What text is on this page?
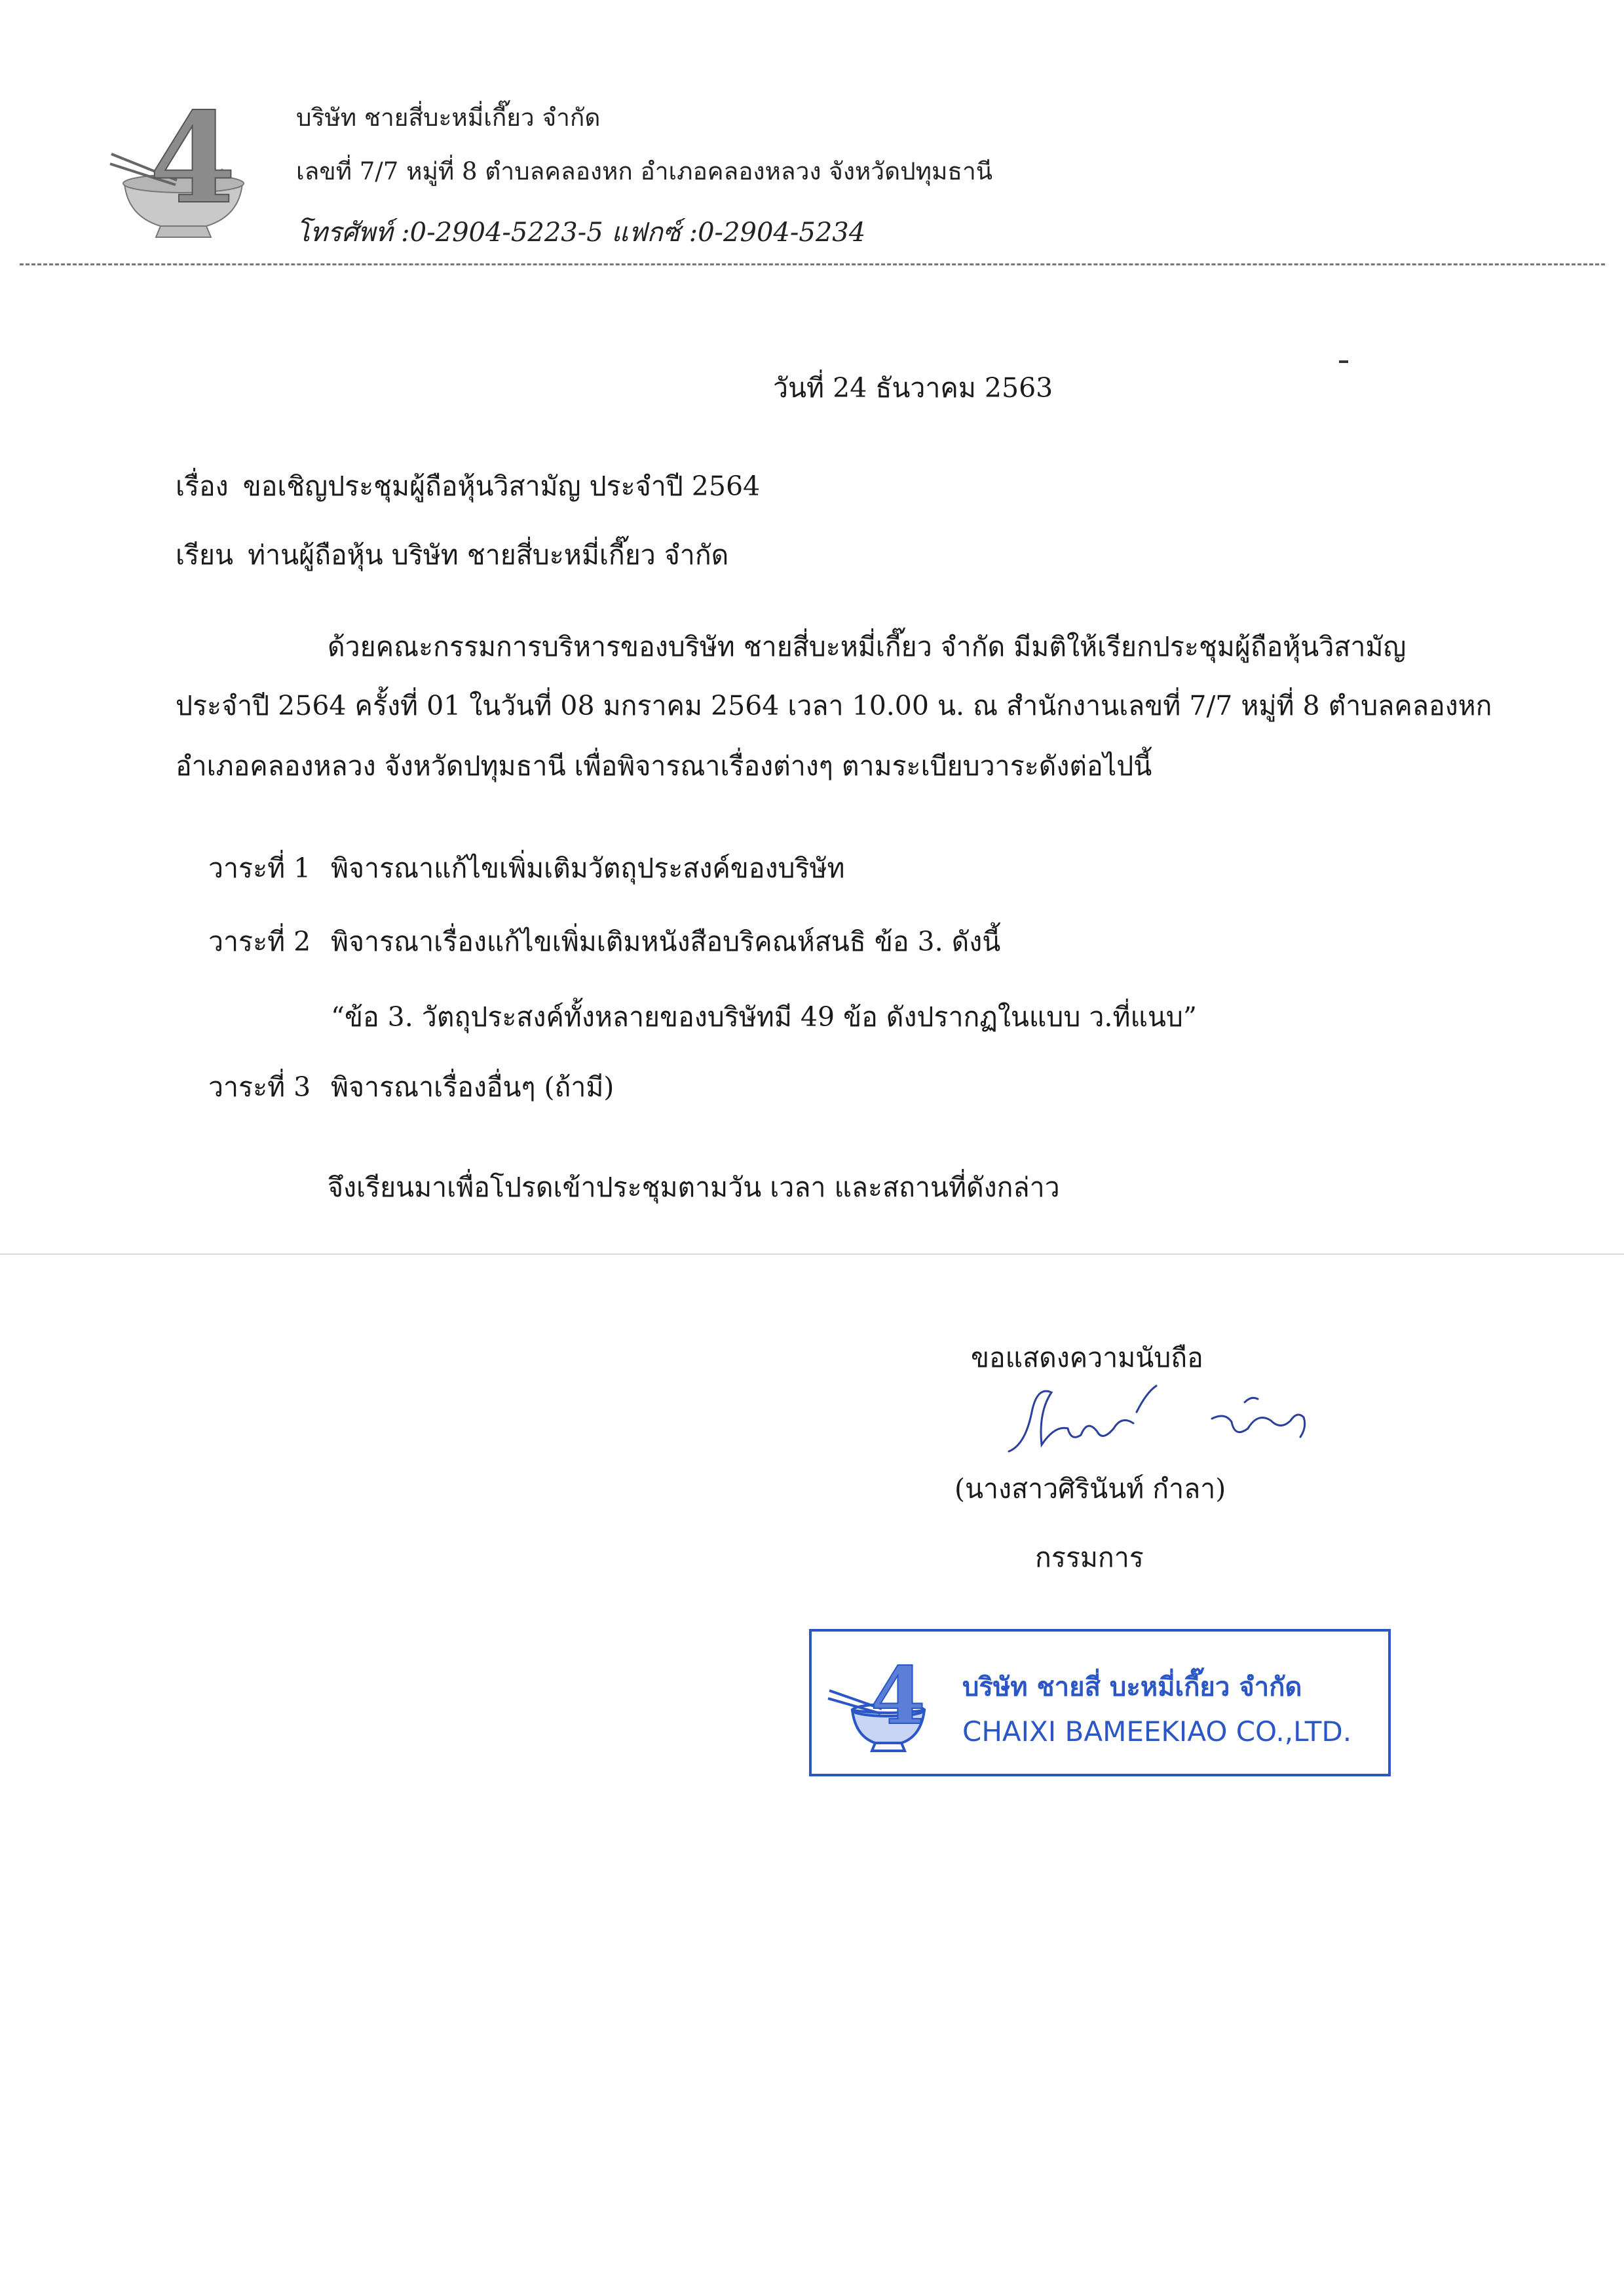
4 บริษัท ชายสี่บะหมี่เกี๊ยว จำกัด
เลขที่ 7/7 หมู่ที่ 8 ตำบลคลองหก อำเภอคลองหลวง จังหวัดปทุมธานี
โทรศัพท์ :0-2904-5223-5 แฟกซ์ :0-2904-5234
วันที่ 24 ธันวาคม 2563
เรื่อง ขอเชิญประชุมผู้ถือหุ้นวิสามัญ ประจำปี 2564
เรียน ท่านผู้ถือหุ้น บริษัท ชายสี่บะหมี่เกี๊ยว จำกัด
ด้วยคณะกรรมการบริหารของบริษัท ชายสี่บะหมี่เกี๊ยว จำกัด มีมติให้เรียกประชุมผู้ถือหุ้นวิสามัญ
ประจำปี 2564 ครั้งที่ 01 ในวันที่ 08 มกราคม 2564 เวลา 10.00 น. ณ สำนักงานเลขที่ 7/7 หมู่ที่ 8 ตำบลคลองหก
อำเภอคลองหลวง จังหวัดปทุมธานี เพื่อพิจารณาเรื่องต่างๆ ตามระเบียบวาระดังต่อไปนี้
วาระที่ 1 พิจารณาแก้ไขเพิ่มเติมวัตถุประสงค์ของบริษัท
วาระที่ 2 พิจารณาเรื่องแก้ไขเพิ่มเติมหนังสือบริคณห์สนธิ ข้อ 3. ดังนี้
“ข้อ 3. วัตถุประสงค์ทั้งหลายของบริษัทมี 49 ข้อ ดังปรากฏในแบบ ว.ที่แนบ”
วาระที่ 3 พิจารณาเรื่องอื่นๆ (ถ้ามี)
จึงเรียนมาเพื่อโปรดเข้าประชุมตามวัน เวลา และสถานที่ดังกล่าว
ขอแสดงความนับถือ
(นางสาวศิรินันท์ กำลา)
กรรมการ
4 บริษัท ชายสี่ บะหมี่เกี๊ยว จำกัด
CHAIXI BAMEEKIAO CO.,LTD.
